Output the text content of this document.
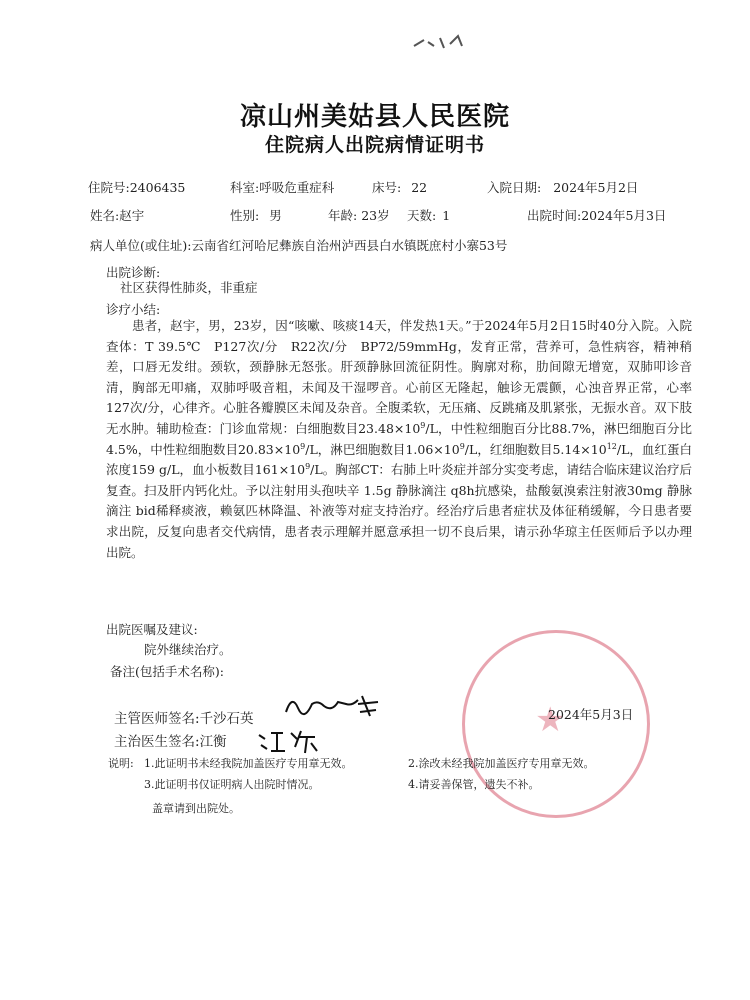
凉山州美姑县人民医院
住院病人出院病情证明书
住院号:2406435	科室:呼吸危重症科	床号: 22	入院日期: 2024年5月2日
姓名:赵宇	性别: 男	年龄: 23岁 天数: 1	出院时间:2024年5月3日
病人单位(或住址):云南省红河哈尼彝族自治州泸西县白水镇既庶村小寨53号
出院诊断:
社区获得性肺炎，非重症
诊疗小结:

患者，赵宇，男，23岁，因“咳嗽、咳痰14天，伴发热1天。”于2024年5月2日15时40分入院。入院查体：T 39.5℃　P127次/分　R22次/分　BP72/59mmHg，发育正常，营养可，急性病容，精神稍差，口唇无发绀。颈软，颈静脉无怒张。肝颈静脉回流征阴性。胸廓对称，肋间隙无增宽，双肺叩诊音清，胸部无叩痛，双肺呼吸音粗，未闻及干湿啰音。心前区无隆起，触诊无震颤，心浊音界正常，心率127次/分，心律齐。心脏各瓣膜区未闻及杂音。全腹柔软，无压痛、反跳痛及肌紧张，无振水音。双下肢无水肿。辅助检查：门诊血常规：白细胞数目$23.48\times 10^9/L$，中性粒细胞百分比88.7%，淋巴细胞百分比4.5%，中性粒细胞数目$20.83\times 10^9/L$，淋巴细胞数目$1.06\times 10^9/L$，红细胞数目$5.14\times 10^{12}/L$，血红蛋白浓度159 g/L，血小板数目$161\times 10^9/L$。胸部CT：右肺上叶炎症并部分实变考虑，请结合临床建议治疗后复查。扫及肝内钙化灶。予以注射用头孢呋辛 1.5g 静脉滴注 q8h抗感染，盐酸氨溴索注射液30mg 静脉滴注 bid稀释痰液，赖氨匹林降温、补液等对症支持治疗。经治疗后患者症状及体征稍缓解，今日患者要求出院，反复向患者交代病情，患者表示理解并愿意承担一切不良后果，请示孙华琼主任医师后予以办理出院。

出院医嘱及建议:
院外继续治疗。
备注(包括手术名称):
★
主管医师签名:千沙石英	2024年5月3日
主治医生签名:江衡
说明: 1.此证明书未经我院加盖医疗专用章无效。	2.涂改未经我院加盖医疗专用章无效。
3.此证明书仅证明病人出院时情况。	4.请妥善保管，遗失不补。
盖章请到出院处。
